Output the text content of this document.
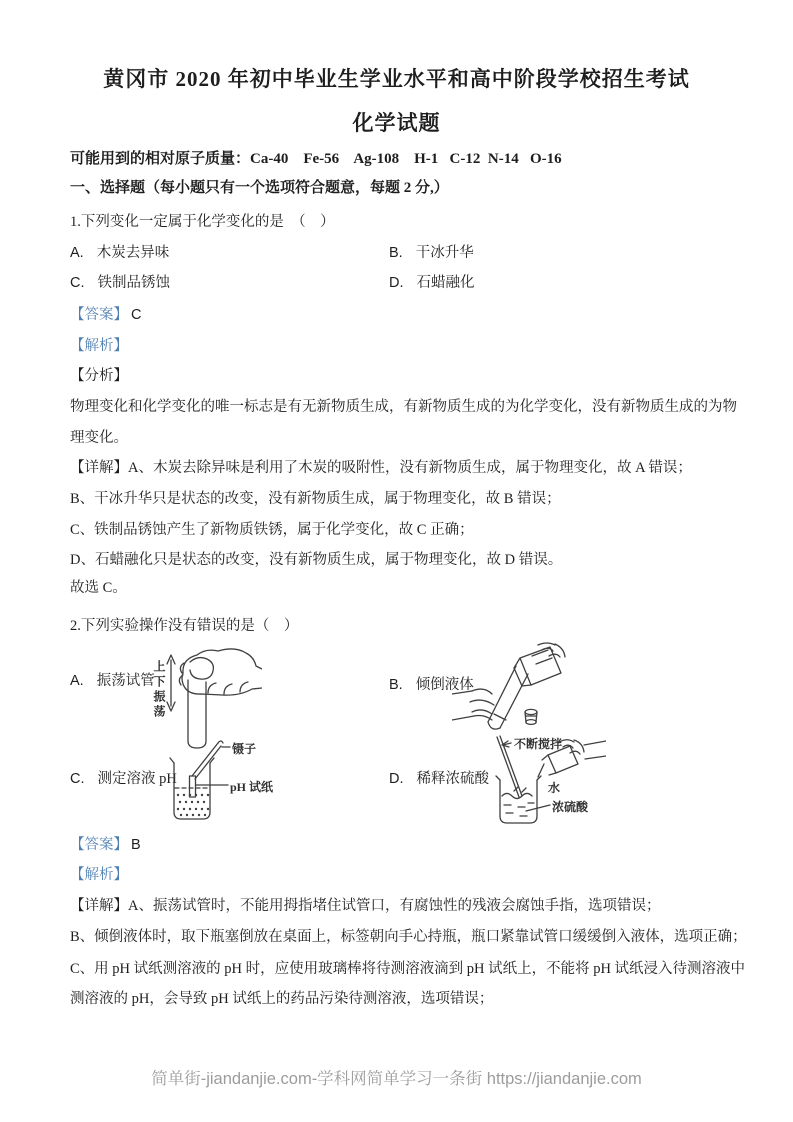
黄冈市 2020 年初中毕业生学业水平和高中阶段学校招生考试
化学试题
可能用到的相对原子质量：Ca-40    Fe-56    Ag-108    H-1   C-12  N-14   O-16
一、选择题（每小题只有一个选项符合题意，每题 2 分,）
1.下列变化一定属于化学变化的是　（　）
A. 木炭去异味	B. 干冰升华
C. 铁制品锈蚀	D. 石蜡融化
【答案】 C
【解析】
【分析】
物理变化和化学变化的唯一标志是有无新物质生成，有新物质生成的为化学变化，没有新物质生成的为物
理变化。
【详解】A、木炭去除异味是利用了木炭的吸附性，没有新物质生成，属于物理变化，故 A 错误；
B、干冰升华只是状态的改变，没有新物质生成，属于物理变化，故 B 错误；
C、铁制品锈蚀产生了新物质铁锈，属于化学变化，故 C 正确；
D、石蜡融化只是状态的改变，没有新物质生成，属于物理变化，故 D 错误。
故选 C。
2.下列实验操作没有错误的是（　）
A. 振荡试管	B. 倾倒液体
C. 测定溶液 pH	D. 稀释浓硫酸
上下振荡
镊子
pH 试纸
不断搅拌
水
浓硫酸
【答案】 B
【解析】
【详解】A、振荡试管时，不能用拇指堵住试管口，有腐蚀性的残液会腐蚀手指，选项错误；
B、倾倒液体时，取下瓶塞倒放在桌面上，标签朝向手心持瓶，瓶口紧靠试管口缓缓倒入液体，选项正确；
C、用 pH 试纸测溶液的 pH 时，应使用玻璃棒将待测溶液滴到 pH 试纸上，不能将 pH 试纸浸入待测溶液中
测溶液的 pH，会导致 pH 试纸上的药品污染待测溶液，选项错误；
简单街-jiandanjie.com-学科网简单学习一条街 https://jiandanjie.com
